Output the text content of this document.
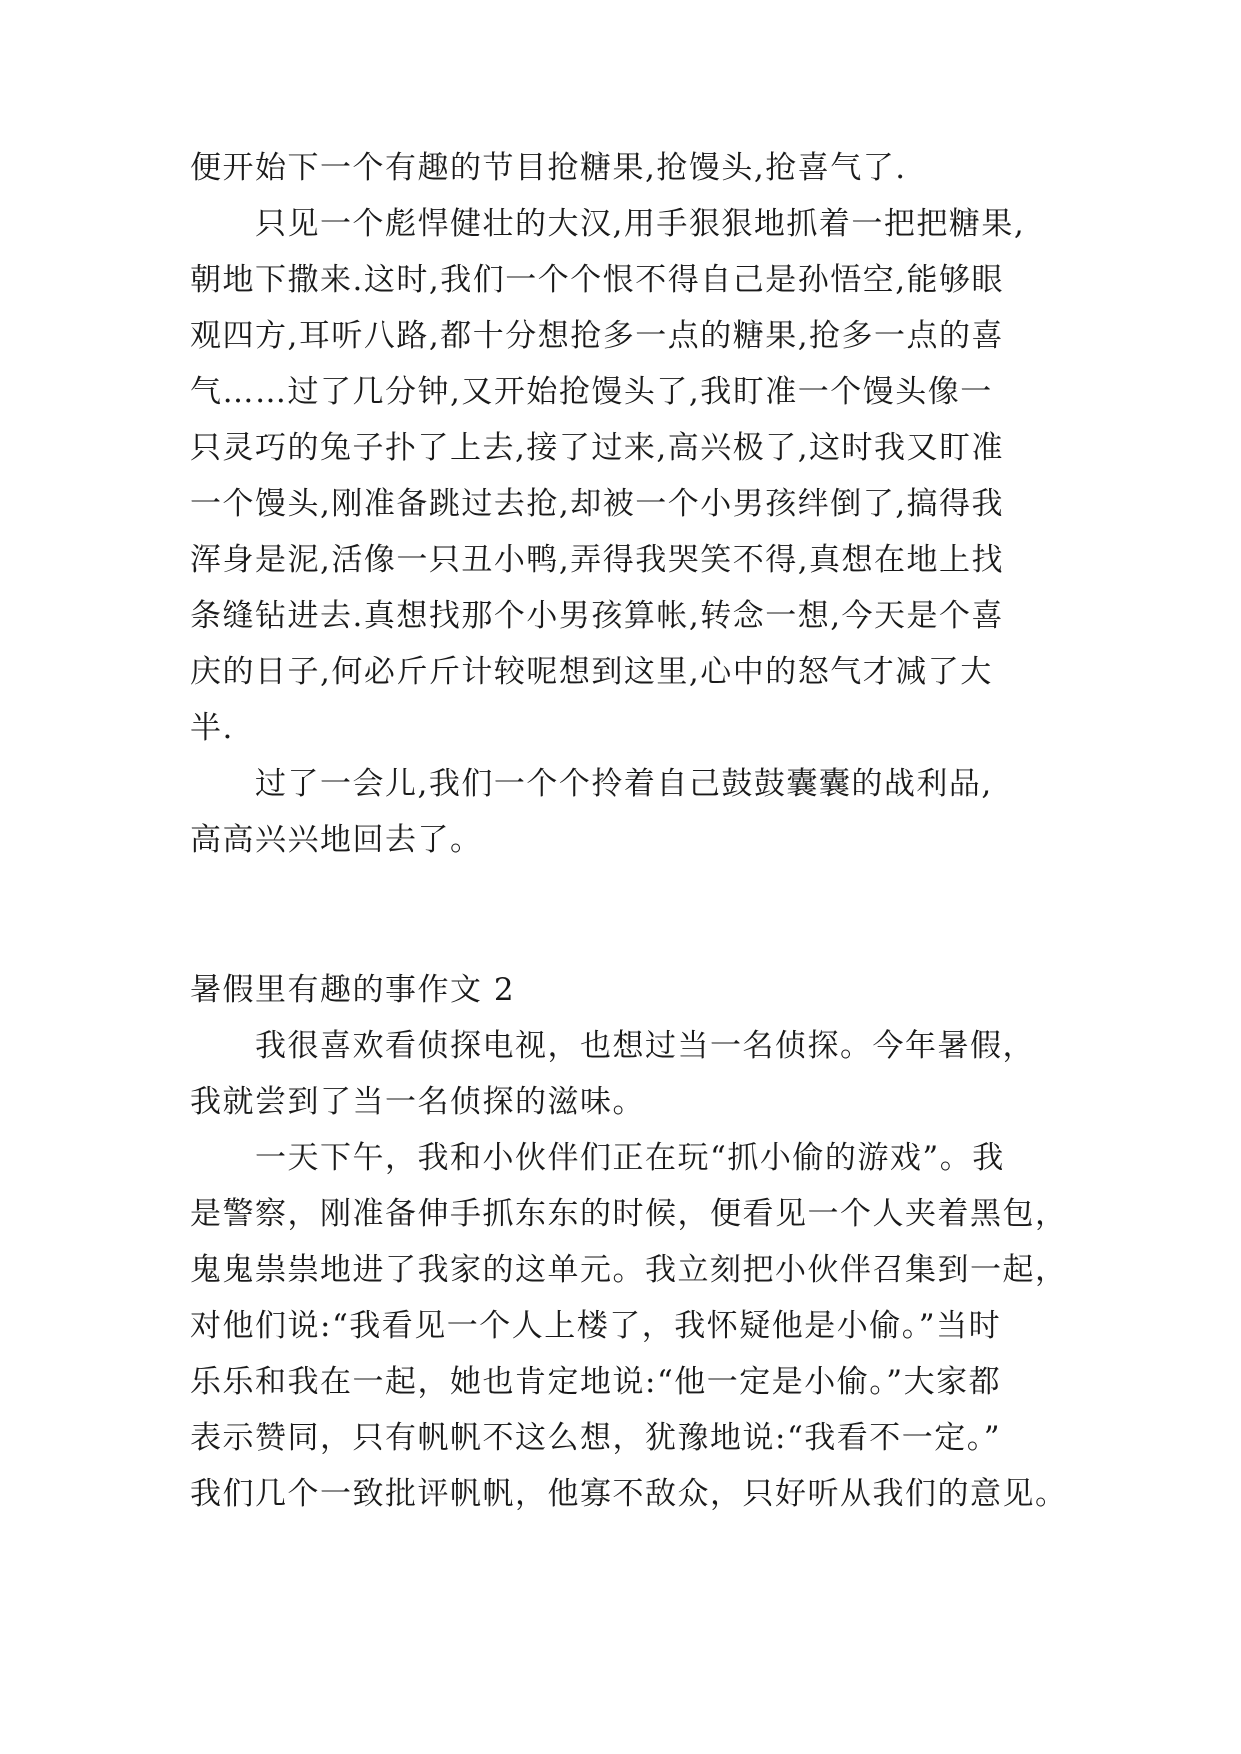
便开始下一个有趣的节目抢糖果,抢馒头,抢喜气了.
只见一个彪悍健壮的大汉,用手狠狠地抓着一把把糖果,
朝地下撒来.这时,我们一个个恨不得自己是孙悟空,能够眼
观四方,耳听八路,都十分想抢多一点的糖果,抢多一点的喜
气……过了几分钟,又开始抢馒头了,我盯准一个馒头像一
只灵巧的兔子扑了上去,接了过来,高兴极了,这时我又盯准
一个馒头,刚准备跳过去抢,却被一个小男孩绊倒了,搞得我
浑身是泥,活像一只丑小鸭,弄得我哭笑不得,真想在地上找
条缝钻进去.真想找那个小男孩算帐,转念一想,今天是个喜
庆的日子,何必斤斤计较呢想到这里,心中的怒气才减了大
半.
过了一会儿,我们一个个拎着自己鼓鼓囊囊的战利品,
高高兴兴地回去了。
暑假里有趣的事作文 2
我很喜欢看侦探电视，也想过当一名侦探。今年暑假，
我就尝到了当一名侦探的滋味。
一天下午，我和小伙伴们正在玩“抓小偷的游戏”。我
是警察，刚准备伸手抓东东的时候，便看见一个人夹着黑包，
鬼鬼祟祟地进了我家的这单元。我立刻把小伙伴召集到一起，
对他们说:“我看见一个人上楼了，我怀疑他是小偷。”当时
乐乐和我在一起，她也肯定地说:“他一定是小偷。”大家都
表示赞同，只有帆帆不这么想，犹豫地说:“我看不一定。”
我们几个一致批评帆帆，他寡不敌众，只好听从我们的意见。
